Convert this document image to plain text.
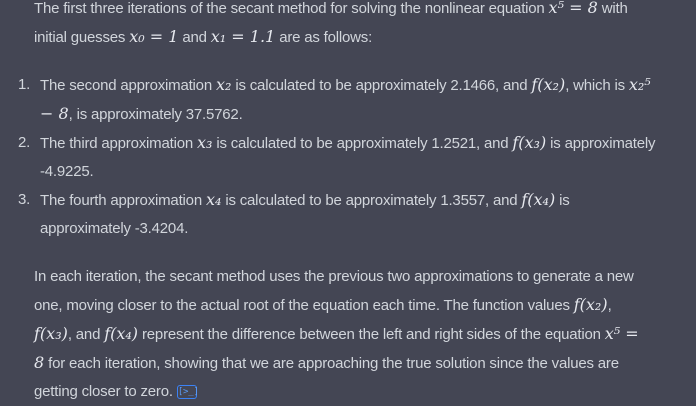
The first three iterations of the secant method for solving the nonlinear equation x⁵ = 8 with initial guesses x₀ = 1 and x₁ = 1.1 are as follows:

1. The second approximation x₂ is calculated to be approximately 2.1466, and f(x₂), which is x₂⁵ − 8, is approximately 37.5762.
2. The third approximation x₃ is calculated to be approximately 1.2521, and f(x₃) is approximately -4.9225.
3. The fourth approximation x₄ is calculated to be approximately 1.3557, and f(x₄) is approximately -3.4204.

In each iteration, the secant method uses the previous two approximations to generate a new one, moving closer to the actual root of the equation each time. The function values f(x₂), f(x₃), and f(x₄) represent the difference between the left and right sides of the equation x⁵ = 8 for each iteration, showing that we are approaching the true solution since the values are getting closer to zero. [>_]
